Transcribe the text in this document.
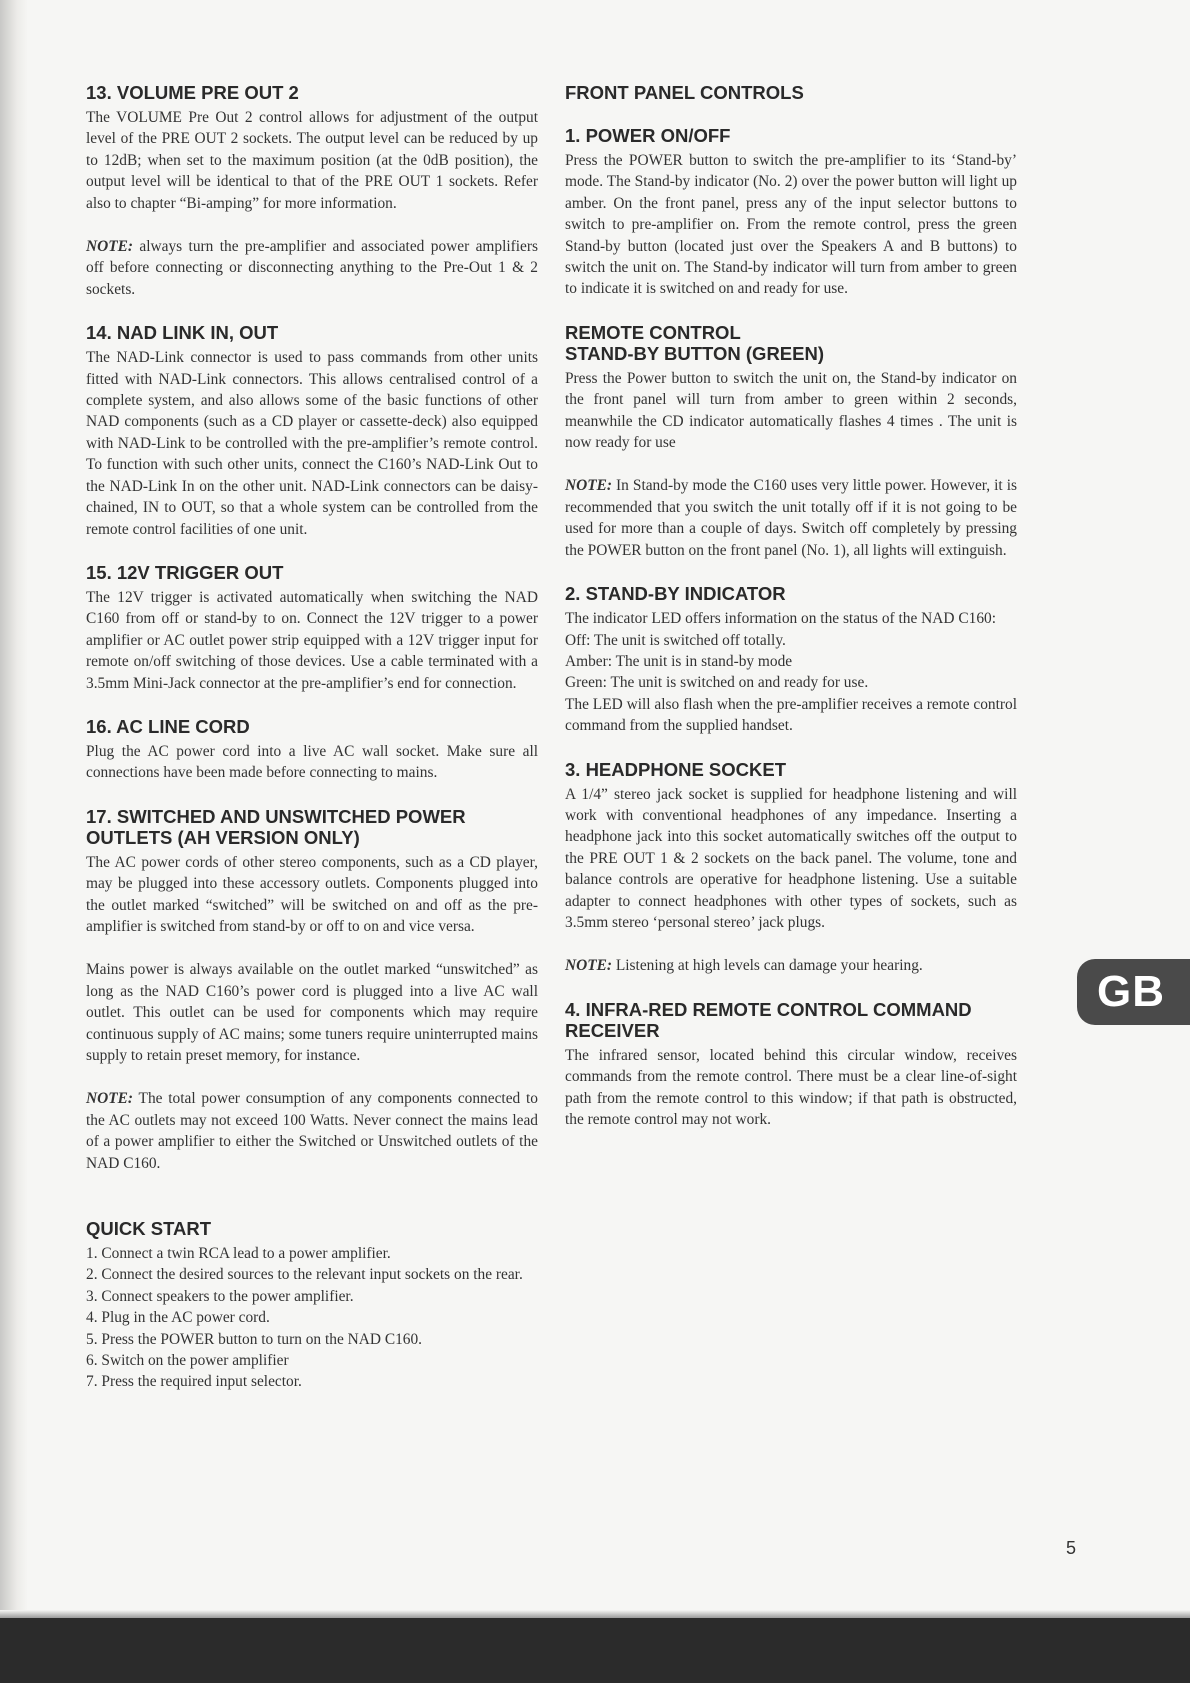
13. VOLUME PRE OUT 2

The VOLUME Pre Out 2 control allows for adjustment of the output level of the PRE OUT 2 sockets. The output level can be reduced by up to 12dB; when set to the maximum position (at the 0dB position), the output level will be identical to that of the PRE OUT 1 sockets. Refer also to chapter “Bi-amping” for more information.

NOTE: always turn the pre-amplifier and associated power amplifiers off before connecting or disconnecting anything to the Pre-Out 1 & 2 sockets.

14. NAD LINK IN, OUT

The NAD-Link connector is used to pass commands from other units fitted with NAD-Link connectors. This allows centralised control of a complete system, and also allows some of the basic functions of other NAD components (such as a CD player or cassette-deck) also equipped with NAD-Link to be controlled with the pre-amplifier’s remote control. To function with such other units, connect the C160’s NAD-Link Out to the NAD-Link In on the other unit. NAD-Link connectors can be daisy-chained, IN to OUT, so that a whole system can be controlled from the remote control facilities of one unit.

15. 12V TRIGGER OUT

The 12V trigger is activated automatically when switching the NAD C160 from off or stand-by to on. Connect the 12V trigger to a power amplifier or AC outlet power strip equipped with a 12V trigger input for remote on/off switching of those devices. Use a cable terminated with a 3.5mm Mini-Jack connector at the pre-amplifier’s end for connection.

16. AC LINE CORD

Plug the AC power cord into a live AC wall socket. Make sure all connections have been made before connecting to mains.

17. SWITCHED AND UNSWITCHED POWER OUTLETS (AH VERSION ONLY)

The AC power cords of other stereo components, such as a CD player, may be plugged into these accessory outlets. Components plugged into the outlet marked “switched” will be switched on and off as the pre-amplifier is switched from stand-by or off to on and vice versa.

Mains power is always available on the outlet marked “unswitched” as long as the NAD C160’s power cord is plugged into a live AC wall outlet. This outlet can be used for components which may require continuous supply of AC mains; some tuners require uninterrupted mains supply to retain preset memory, for instance.

NOTE: The total power consumption of any components connected to the AC outlets may not exceed 100 Watts. Never connect the mains lead of a power amplifier to either the Switched or Unswitched outlets of the NAD C160.

QUICK START

1. Connect a twin RCA lead to a power amplifier.

2. Connect the desired sources to the relevant input sockets on the rear.

3. Connect speakers to the power amplifier.

4. Plug in the AC power cord.

5. Press the POWER button to turn on the NAD C160.

6. Switch on the power amplifier

7. Press the required input selector.

FRONT PANEL CONTROLS
1. POWER ON/OFF

Press the POWER button to switch the pre-amplifier to its ‘Stand-by’ mode. The Stand-by indicator (No. 2) over the power button will light up amber. On the front panel, press any of the input selector buttons to switch to pre-amplifier on. From the remote control, press the green Stand-by button (located just over the Speakers A and B buttons) to switch the unit on. The Stand-by indicator will turn from amber to green to indicate it is switched on and ready for use.

REMOTE CONTROL
STAND-BY BUTTON (GREEN)

Press the Power button to switch the unit on, the Stand-by indicator on the front panel will turn from amber to green within 2 seconds, meanwhile the CD indicator automatically flashes 4 times . The unit is now ready for use

NOTE: In Stand-by mode the C160 uses very little power. However, it is recommended that you switch the unit totally off if it is not going to be used for more than a couple of days. Switch off completely by pressing the POWER button on the front panel (No. 1), all lights will extinguish.

2. STAND-BY INDICATOR

The indicator LED offers information on the status of the NAD C160:

Off: The unit is switched off totally.

Amber: The unit is in stand-by mode

Green: The unit is switched on and ready for use.

The LED will also flash when the pre-amplifier receives a remote control command from the supplied handset.

3. HEADPHONE SOCKET

A 1/4” stereo jack socket is supplied for headphone listening and will work with conventional headphones of any impedance. Inserting a headphone jack into this socket automatically switches off the output to the PRE OUT 1 & 2 sockets on the back panel. The volume, tone and balance controls are operative for headphone listening. Use a suitable adapter to connect headphones with other types of sockets, such as 3.5mm stereo ‘personal stereo’ jack plugs.

NOTE: Listening at high levels can damage your hearing.

4. INFRA-RED REMOTE CONTROL COMMAND RECEIVER

The infrared sensor, located behind this circular window, receives commands from the remote control. There must be a clear line-of-sight path from the remote control to this window; if that path is obstructed, the remote control may not work.

GB
5
